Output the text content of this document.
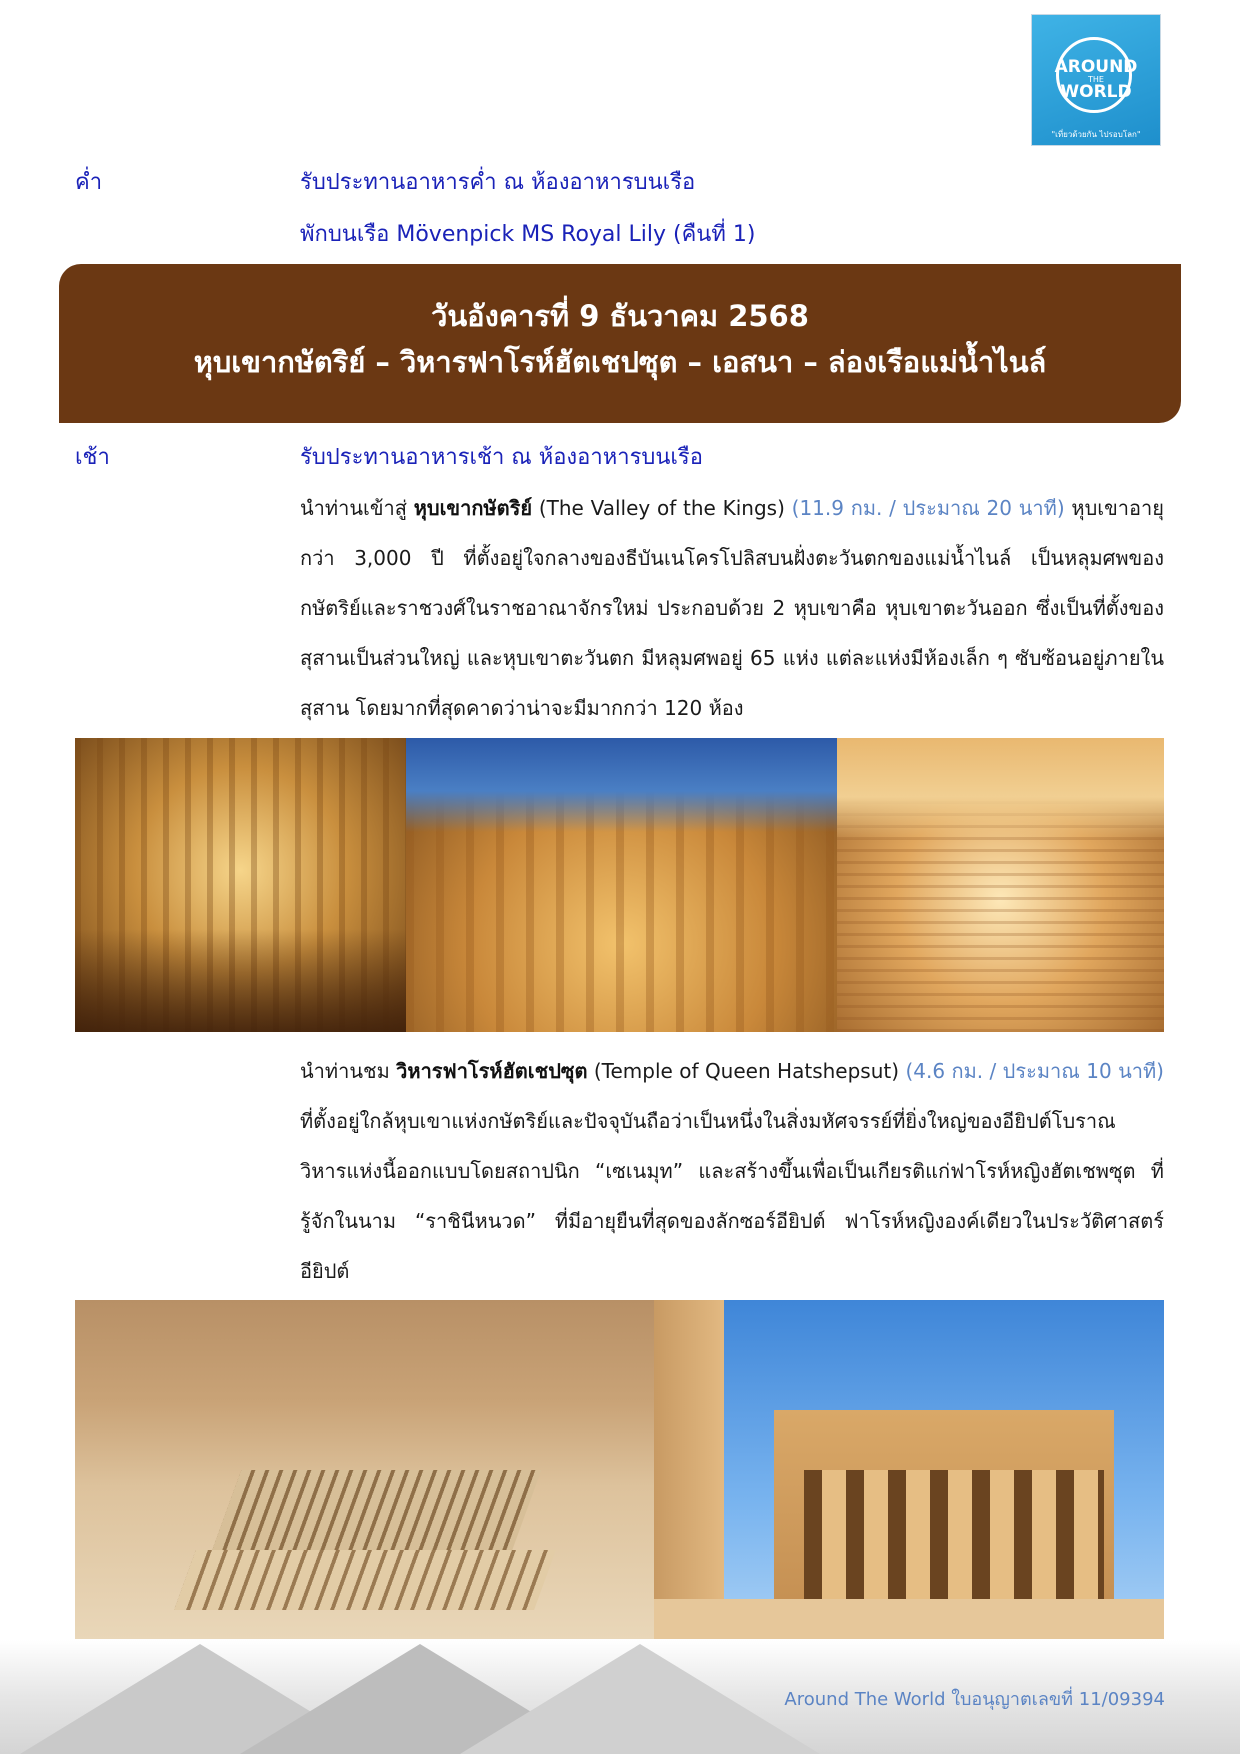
AROUND
THE
WORLD
"เที่ยวด้วยกัน ไปรอบโลก"
ค่ำ	รับประทานอาหารค่ำ ณ ห้องอาหารบนเรือ
พักบนเรือ Mövenpick MS Royal Lily (คืนที่ 1)
วันอังคารที่ 9 ธันวาคม 2568
หุบเขากษัตริย์ – วิหารฟาโรห์ฮัตเชปซุต – เอสนา – ล่องเรือแม่น้ำไนล์
เช้า	รับประทานอาหารเช้า ณ ห้องอาหารบนเรือ

นำท่านเข้าสู่ หุบเขากษัตริย์ (The Valley of the Kings) (11.9 กม. / ประมาณ 20 นาที) หุบเขาอายุกว่า 3,000 ปี ที่ตั้งอยู่ใจกลางของธีบันเนโครโปลิสบนฝั่งตะวันตกของแม่น้ำไนล์ เป็นหลุมศพของกษัตริย์และราชวงศ์ในราชอาณาจักรใหม่ ประกอบด้วย 2 หุบเขาคือ หุบเขาตะวันออก ซึ่งเป็นที่ตั้งของสุสานเป็นส่วนใหญ่ และหุบเขาตะวันตก มีหลุมศพอยู่ 65 แห่ง แต่ละแห่งมีห้องเล็ก ๆ ซับซ้อนอยู่ภายในสุสาน โดยมากที่สุดคาดว่าน่าจะมีมากกว่า 120 ห้อง

นำท่านชม วิหารฟาโรห์ฮัตเชปซุต (Temple of Queen Hatshepsut) (4.6 กม. / ประมาณ 10 นาที) ที่ตั้งอยู่ใกล้หุบเขาแห่งกษัตริย์และปัจจุบันถือว่าเป็นหนึ่งในสิ่งมหัศจรรย์ที่ยิ่งใหญ่ของอียิปต์โบราณ วิหารแห่งนี้ออกแบบโดยสถาปนิก “เซเนมุท” และสร้างขึ้นเพื่อเป็นเกียรติแก่ฟาโรห์หญิงฮัตเชพซุต ที่รู้จักในนาม “ราชินีหนวด” ที่มีอายุยืนที่สุดของลักซอร์อียิปต์ ฟาโรห์หญิงองค์เดียวในประวัติศาสตร์อียิปต์

Around The World ใบอนุญาตเลขที่ 11/09394
